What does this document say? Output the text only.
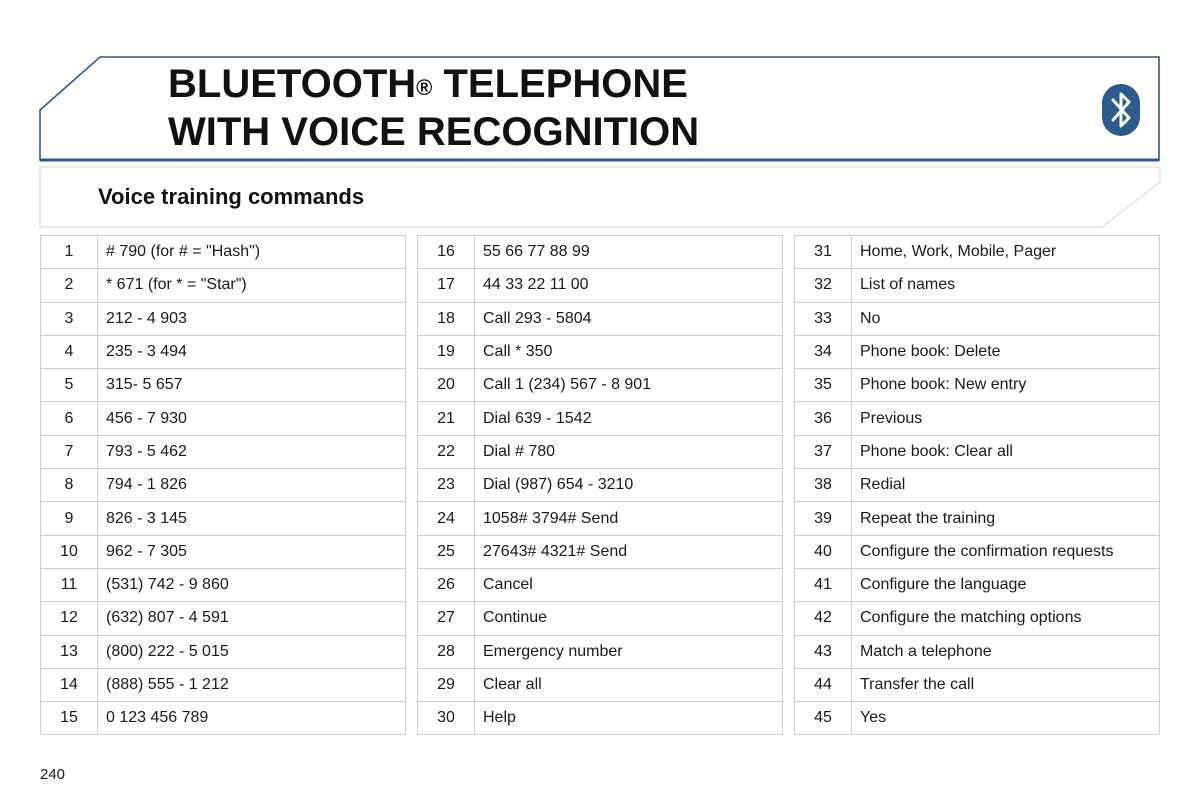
BLUETOOTH® TELEPHONE
WITH VOICE RECOGNITION
Voice training commands
1	# 790 (for # = "Hash")
2	* 671 (for * = "Star")
3	212 - 4 903
4	235 - 3 494
5	315- 5 657
6	456 - 7 930
7	793 - 5 462
8	794 - 1 826
9	826 - 3 145
10	962 - 7 305
11	(531) 742 - 9 860
12	(632) 807 - 4 591
13	(800) 222 - 5 015
14	(888) 555 - 1 212
15	0 123 456 789
16	55 66 77 88 99
17	44 33 22 11 00
18	Call 293 - 5804
19	Call * 350
20	Call 1 (234) 567 - 8 901
21	Dial 639 - 1542
22	Dial # 780
23	Dial (987) 654 - 3210
24	1058# 3794# Send
25	27643# 4321# Send
26	Cancel
27	Continue
28	Emergency number
29	Clear all
30	Help
31	Home, Work, Mobile, Pager
32	List of names
33	No
34	Phone book: Delete
35	Phone book: New entry
36	Previous
37	Phone book: Clear all
38	Redial
39	Repeat the training
40	Configure the confirmation requests
41	Configure the language
42	Configure the matching options
43	Match a telephone
44	Transfer the call
45	Yes

240
